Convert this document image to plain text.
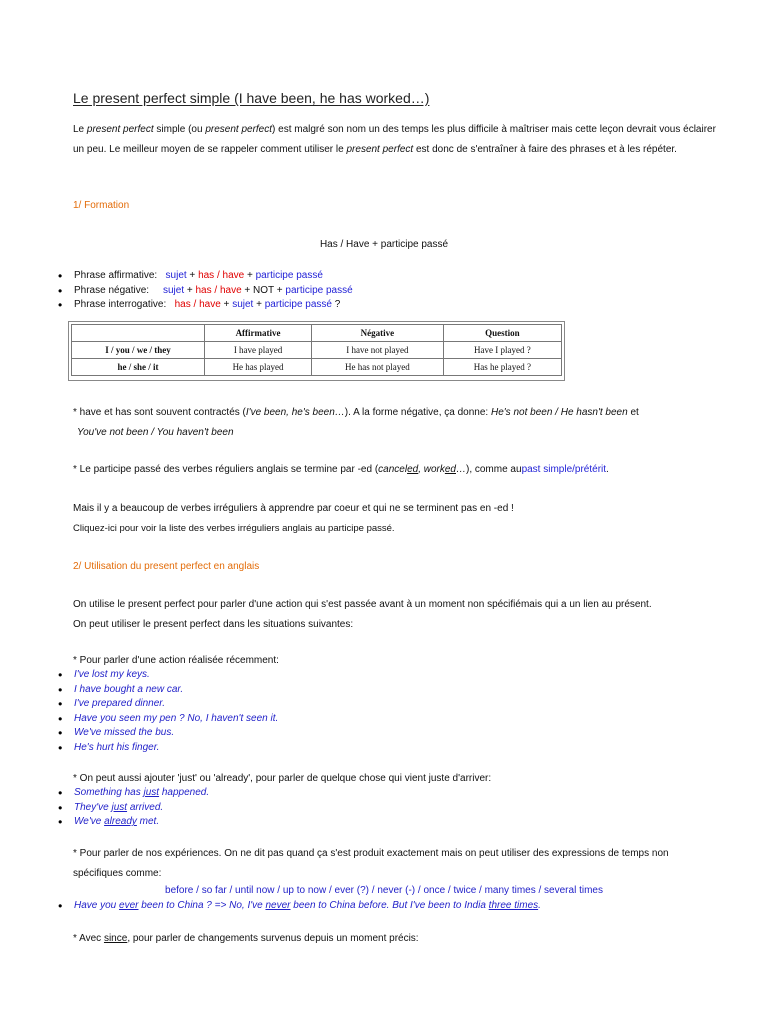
Le present perfect simple (I have been, he has worked…)
Le present perfect simple (ou present perfect) est malgré son nom un des temps les plus difficile à maîtriser mais cette leçon devrait vous éclairer un peu. Le meilleur moyen de se rappeler comment utiliser le present perfect est donc de s'entraîner à faire des phrases et à les répéter.
1/ Formation
Has / Have + participe passé
• Phrase affirmative: sujet + has / have + participe passé
• Phrase négative: sujet + has / have + NOT + participe passé
• Phrase interrogative: has / have + sujet + participe passé ?
	Affirmative	Négative	Question
I / you / we / they	I have played	I have not played	Have I played ?
he / she / it	He has played	He has not played	Has he played ?
* have et has sont souvent contractés (I've been, he's been…). A la forme négative, ça donne: He's not been / He hasn't been et
You've not been / You haven't been
* Le participe passé des verbes réguliers anglais se termine par -ed (canceled, worked…), comme aupast simple/prétérit.
Mais il y a beaucoup de verbes irréguliers à apprendre par coeur et qui ne se terminent pas en -ed !
Cliquez-ici pour voir la liste des verbes irréguliers anglais au participe passé.
2/ Utilisation du present perfect en anglais
On utilise le present perfect pour parler d'une action qui s'est passée avant à un moment non spécifiémais qui a un lien au présent.
On peut utiliser le present perfect dans les situations suivantes:
* Pour parler d'une action réalisée récemment:
• I've lost my keys.
• I have bought a new car.
• I've prepared dinner.
• Have you seen my pen ? No, I haven't seen it.
• We've missed the bus.
• He's hurt his finger.
* On peut aussi ajouter 'just' ou 'already', pour parler de quelque chose qui vient juste d'arriver:
• Something has just happened.
• They've just arrived.
• We've already met.
* Pour parler de nos expériences. On ne dit pas quand ça s'est produit exactement mais on peut utiliser des expressions de temps non spécifiques comme:
before / so far / until now / up to now / ever (?) / never (-) / once / twice / many times / several times
• Have you ever been to China ? => No, I've never been to China before. But I've been to India three times.
* Avec since, pour parler de changements survenus depuis un moment précis:
